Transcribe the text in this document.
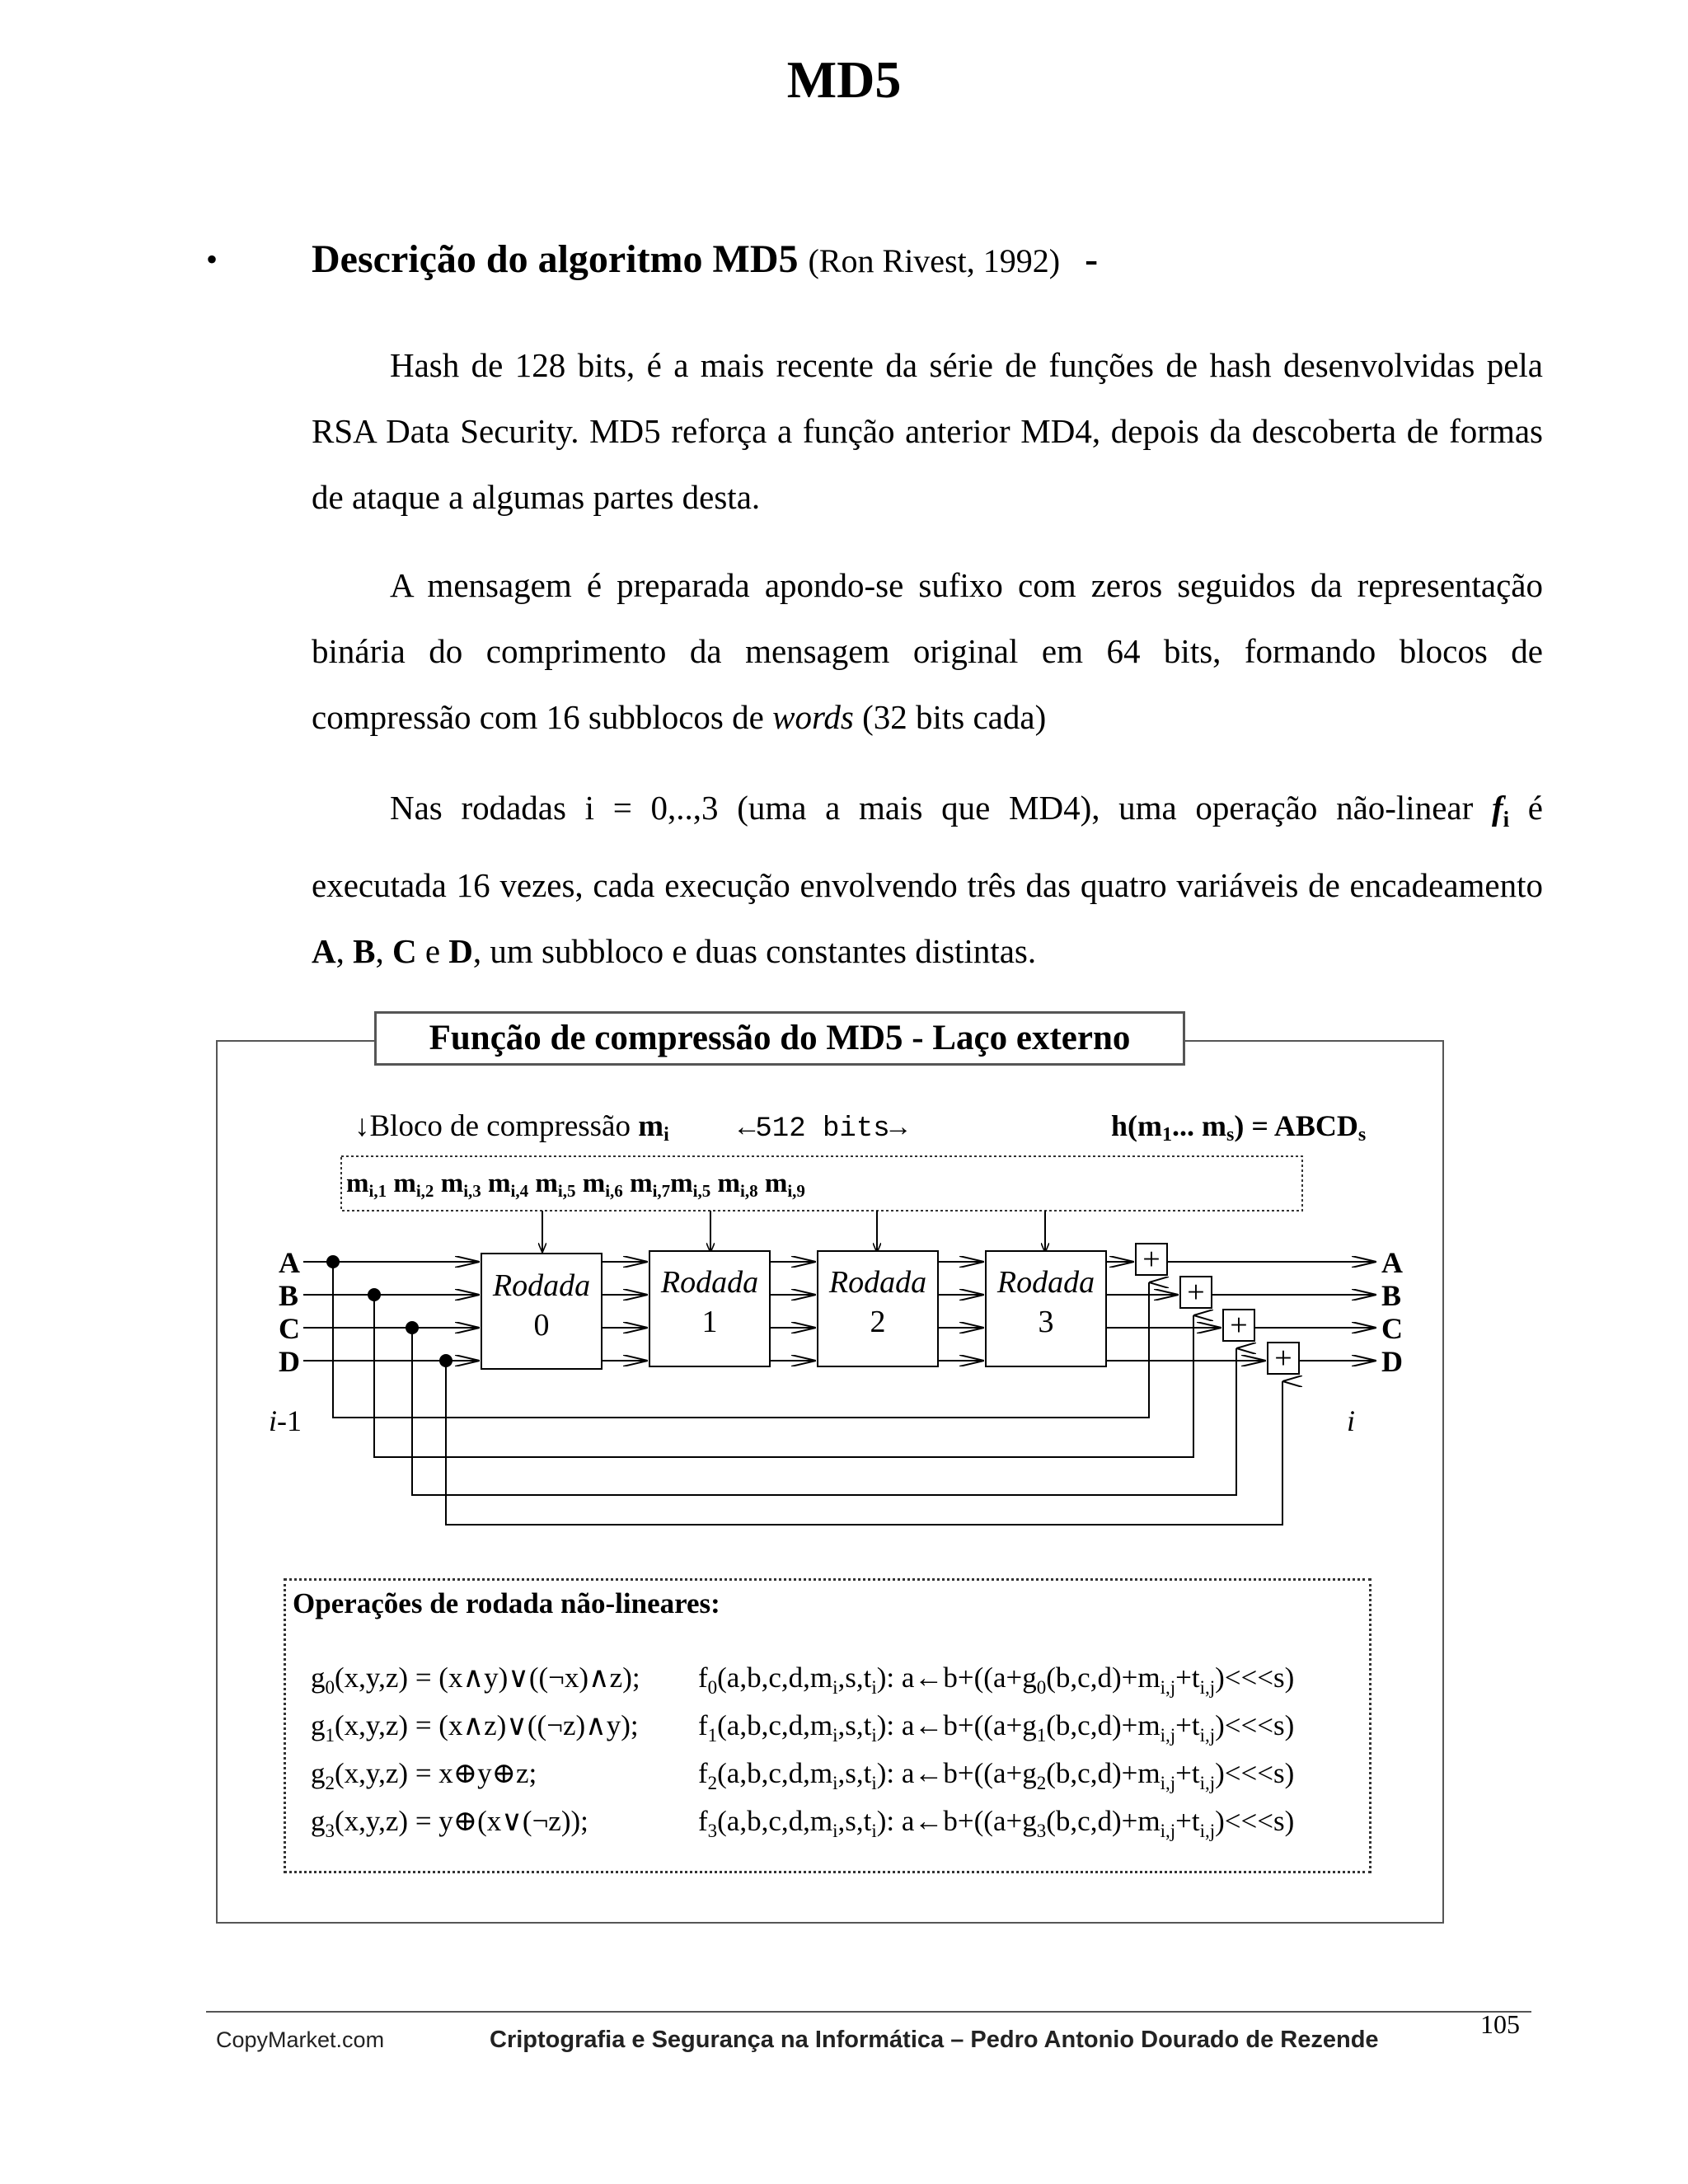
MD5
• Descrição do algoritmo MD5 (Ron Rivest, 1992) -
Hash de 128 bits, é a mais recente da série de funções de hash desenvolvidas pela RSA Data Security. MD5 reforça a função anterior MD4, depois da descoberta de formas de ataque a algumas partes desta.
A mensagem é preparada apondo-se sufixo com zeros seguidos da representação binária do comprimento da mensagem original em 64 bits, formando blocos de compressão com 16 subblocos de words (32 bits cada)
Nas rodadas i = 0,..,3 (uma a mais que MD4), uma operação não-linear $f_i$ é executada 16 vezes, cada execução envolvendo três das quatro variáveis de encadeamento A, B, C e D, um subbloco e duas constantes distintas.
↓Bloco de compressão mi ←512 bits→	h(m1... ms) = ABCDs
mi,1 mi,2 mi,3 mi,4 mi,5 mi,6 mi,7mi,5 mi,8 mi,9
A
B
C
D
Rodada
0
Rodada
1
Rodada
2
Rodada
3
+
+
+
+
A
B
C
D
i-1	i
Função de compressão do MD5 - Laço externo
Operações de rodada não-lineares:
$g_0(x,y,z)$ = (x∧y)∨((¬x)∧z); $f_0(a,b,c,d,m_i,s,t_i)$: $a\leftarrow b+((a+g_0(b,c,d)+m_{i,j}+t_{i,j})<<<s)$
$g_1(x,y,z)$ = (x∧z)∨((¬z)∧y); $f_1(a,b,c,d,m_i,s,t_i)$: $a\leftarrow b+((a+g_1(b,c,d)+m_{i,j}+t_{i,j})<<<s)$
$g_2(x,y,z)$ = x⊕y⊕z;	$f_2(a,b,c,d,m_i,s,t_i)$: $a\leftarrow b+((a+g_2(b,c,d)+m_{i,j}+t_{i,j})<<<s)$
$g_3(x,y,z)$ = y⊕(x∨(¬z));	$f_3(a,b,c,d,m_i,s,t_i)$: $a\leftarrow b+((a+g_3(b,c,d)+m_{i,j}+t_{i,j})<<<s)$
105
CopyMarket.com	Criptografia e Segurança na Informática – Pedro Antonio Dourado de Rezende
